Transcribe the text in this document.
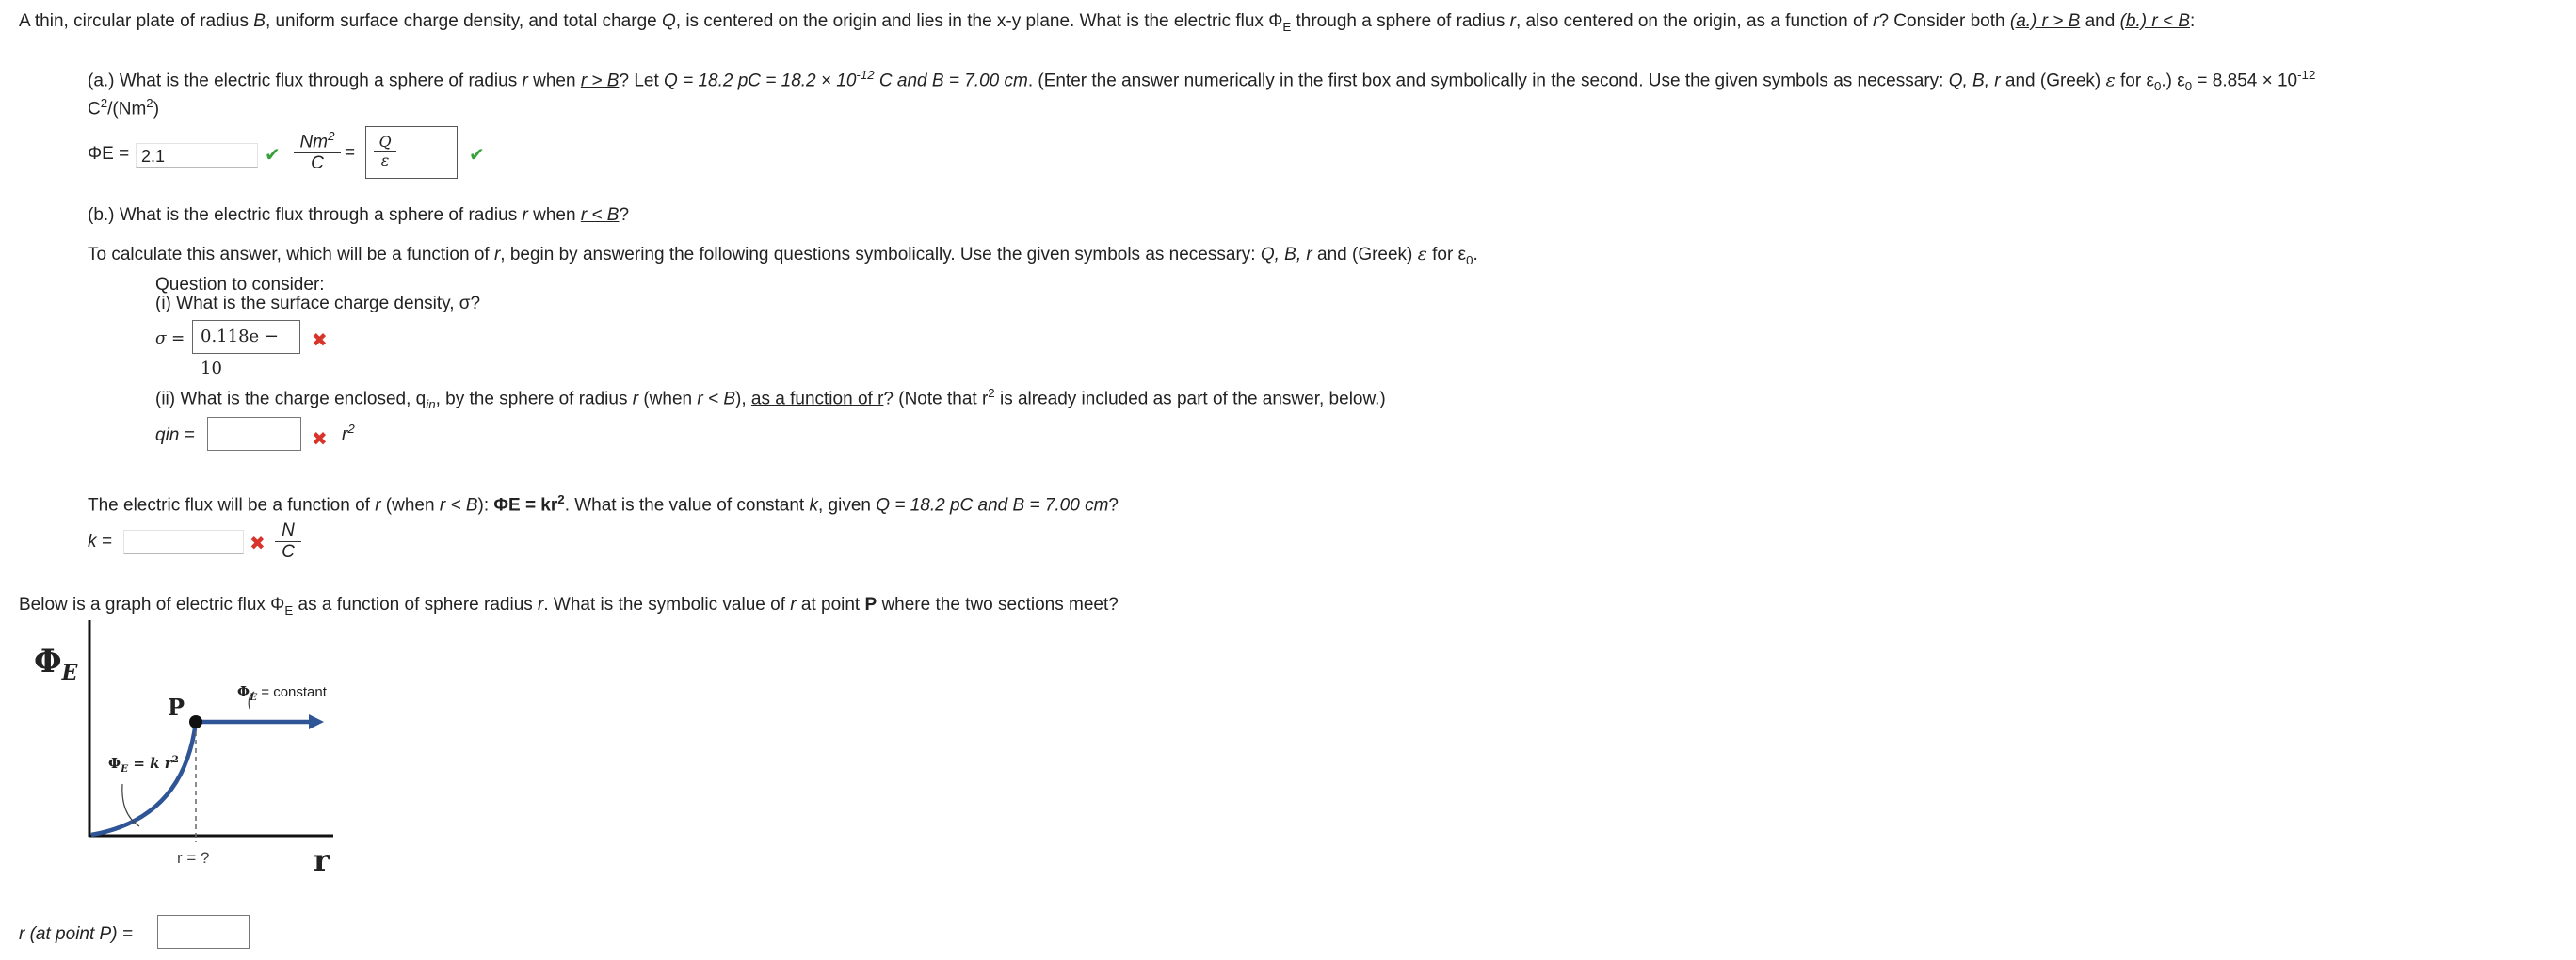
A thin, circular plate of radius B, uniform surface charge density, and total charge Q, is centered on the origin and lies in the x-y plane. What is the electric flux $\Phi_E$ through a sphere of radius r, also centered on the origin, as a function of r? Consider both (a.) r > B and (b.) r < B:
(a.) What is the electric flux through a sphere of radius r when r > B? Let Q = 18.2 pC = $18.2 \times 10^{-12}$ C and B = 7.00 cm. (Enter the answer numerically in the first box and symbolically in the second. Use the given symbols as necessary: Q, B, r and (Greek) ε for $\varepsilon_0$.) $\varepsilon_0 = 8.854 \times 10^{-12}$
$C^2/(Nm^2)$
ΦE = 2.1	✔ $\frac{Nm^2}{C} = \frac{Q}{\varepsilon}$	✔
(b.) What is the electric flux through a sphere of radius r when r < B?
To calculate this answer, which will be a function of r, begin by answering the following questions symbolically. Use the given symbols as necessary: Q, B, r and (Greek) ε for $\varepsilon_0$.
Question to consider:
(i) What is the surface charge density, σ?
σ = 0.118e − 10
✖
(ii) What is the charge enclosed, $q_{in}$, by the sphere of radius r (when r < B), as a function of r? (Note that $r^2$ is already included as part of the answer, below.)
qin =	✖ $r^2$
The electric flux will be a function of r (when r < B): $\Phi E = kr^2$. What is the value of constant k, given Q = 18.2 pC and B = 7.00 cm?
k =	✖ $\frac{N}{C}$
Below is a graph of electric flux $\Phi_E$ as a function of sphere radius r. What is the symbolic value of r at point P where the two sections meet?
$\Phi_E$
r
P
$\Phi_E = k$ $r^2$
$\Phi_E$ = constant
r = ?
r (at point P) =
